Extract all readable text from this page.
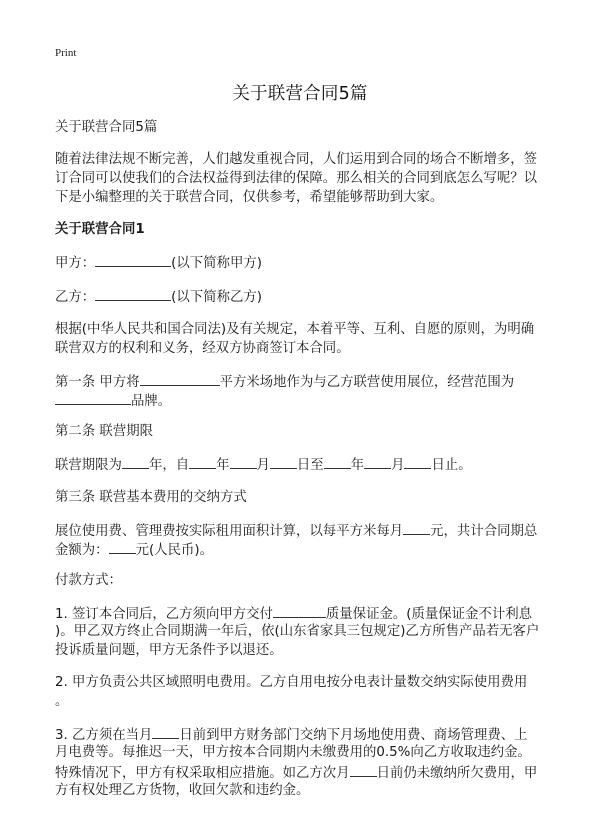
Print
关于联营合同5篇

关于联营合同5篇

随着法律法规不断完善，人们越发重视合同，人们运用到合同的场合不断增多，签
订合同可以使我们的合法权益得到法律的保障。那么相关的合同到底怎么写呢？以
下是小编整理的关于联营合同，仅供参考，希望能够帮助到大家。

关于联营合同1

甲方：	(以下简称甲方)

乙方：	(以下简称乙方)

根据(中华人民共和国合同法)及有关规定，本着平等、互利、自愿的原则，为明确
联营双方的权利和义务，经双方协商签订本合同。

第一条 甲方将	平方米场地作为与乙方联营使用展位，经营范围为
品牌。

第二条 联营期限

联营期限为 年，自 年 月 日至 年 月 日止。

第三条 联营基本费用的交纳方式

展位使用费、管理费按实际租用面积计算，以每平方米每月 元，共计合同期总
金额为： 元(人民币)。

付款方式：

1. 签订本合同后，乙方须向甲方交付	质量保证金。(质量保证金不计利息
)。甲乙双方终止合同期满一年后，依(山东省家具三包规定)乙方所售产品若无客户
投诉质量问题，甲方无条件予以退还。

2. 甲方负责公共区域照明电费用。乙方自用电按分电表计量数交纳实际使用费用
。

3. 乙方须在当月 日前到甲方财务部门交纳下月场地使用费、商场管理费、上
月电费等。每推迟一天，甲方按本合同期内未缴费用的0.5%向乙方收取违约金。
特殊情况下，甲方有权采取相应措施。如乙方次月 日前仍未缴纳所欠费用，甲
方有权处理乙方货物，收回欠款和违约金。
